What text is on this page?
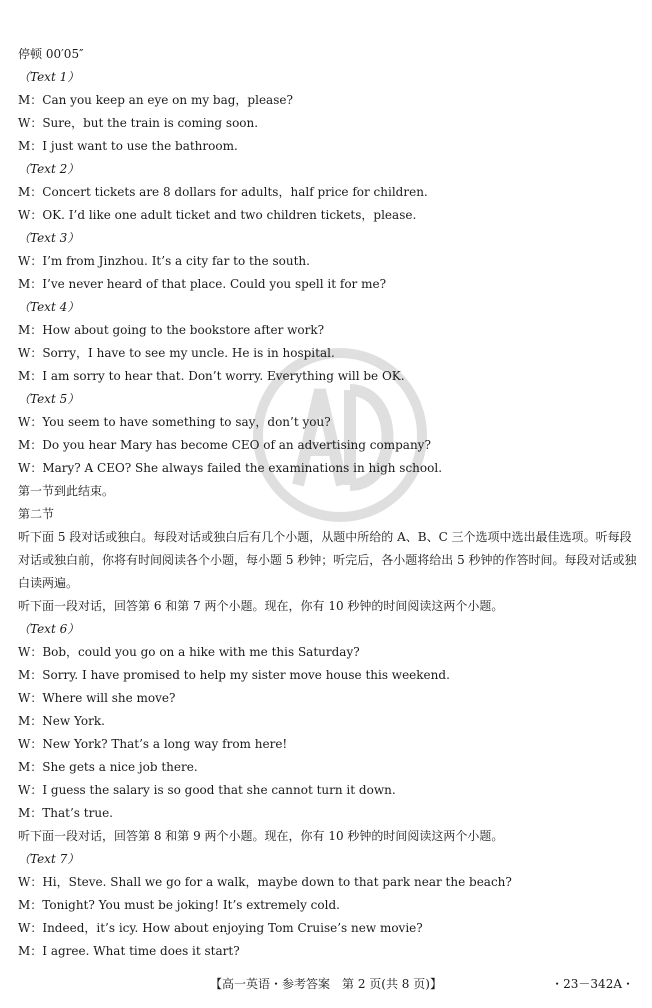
停顿 00′05″
（Text 1）
M：Can you keep an eye on my bag，please?
W：Sure，but the train is coming soon.
M：I just want to use the bathroom.
（Text 2）
M：Concert tickets are 8 dollars for adults，half price for children.
W：OK. I’d like one adult ticket and two children tickets，please.
（Text 3）
W：I’m from Jinzhou. It’s a city far to the south.
M：I’ve never heard of that place. Could you spell it for me?
（Text 4）
M：How about going to the bookstore after work?
W：Sorry，I have to see my uncle. He is in hospital.
M：I am sorry to hear that. Don’t worry. Everything will be OK.
（Text 5）
W：You seem to have something to say，don’t you?
M：Do you hear Mary has become CEO of an advertising company?
W：Mary? A CEO? She always failed the examinations in high school.
第一节到此结束。
第二节
听下面 5 段对话或独白。每段对话或独白后有几个小题，从题中所给的 A、B、C 三个选项中选出最佳选项。听每段对话或独白前，你将有时间阅读各个小题，每小题 5 秒钟；听完后，各小题将给出 5 秒钟的作答时间。每段对话或独白读两遍。
听下面一段对话，回答第 6 和第 7 两个小题。现在，你有 10 秒钟的时间阅读这两个小题。
（Text 6）
W：Bob，could you go on a hike with me this Saturday?
M：Sorry. I have promised to help my sister move house this weekend.
W：Where will she move?
M：New York.
W：New York? That’s a long way from here!
M：She gets a nice job there.
W：I guess the salary is so good that she cannot turn it down.
M：That’s true.
听下面一段对话，回答第 8 和第 9 两个小题。现在，你有 10 秒钟的时间阅读这两个小题。
（Text 7）
W：Hi，Steve. Shall we go for a walk，maybe down to that park near the beach?
M：Tonight? You must be joking! It’s extremely cold.
W：Indeed，it’s icy. How about enjoying Tom Cruise’s new movie?
M：I agree. What time does it start?
【高一英语・参考答案　第 2 页(共 8 页)】	・23－342A・
